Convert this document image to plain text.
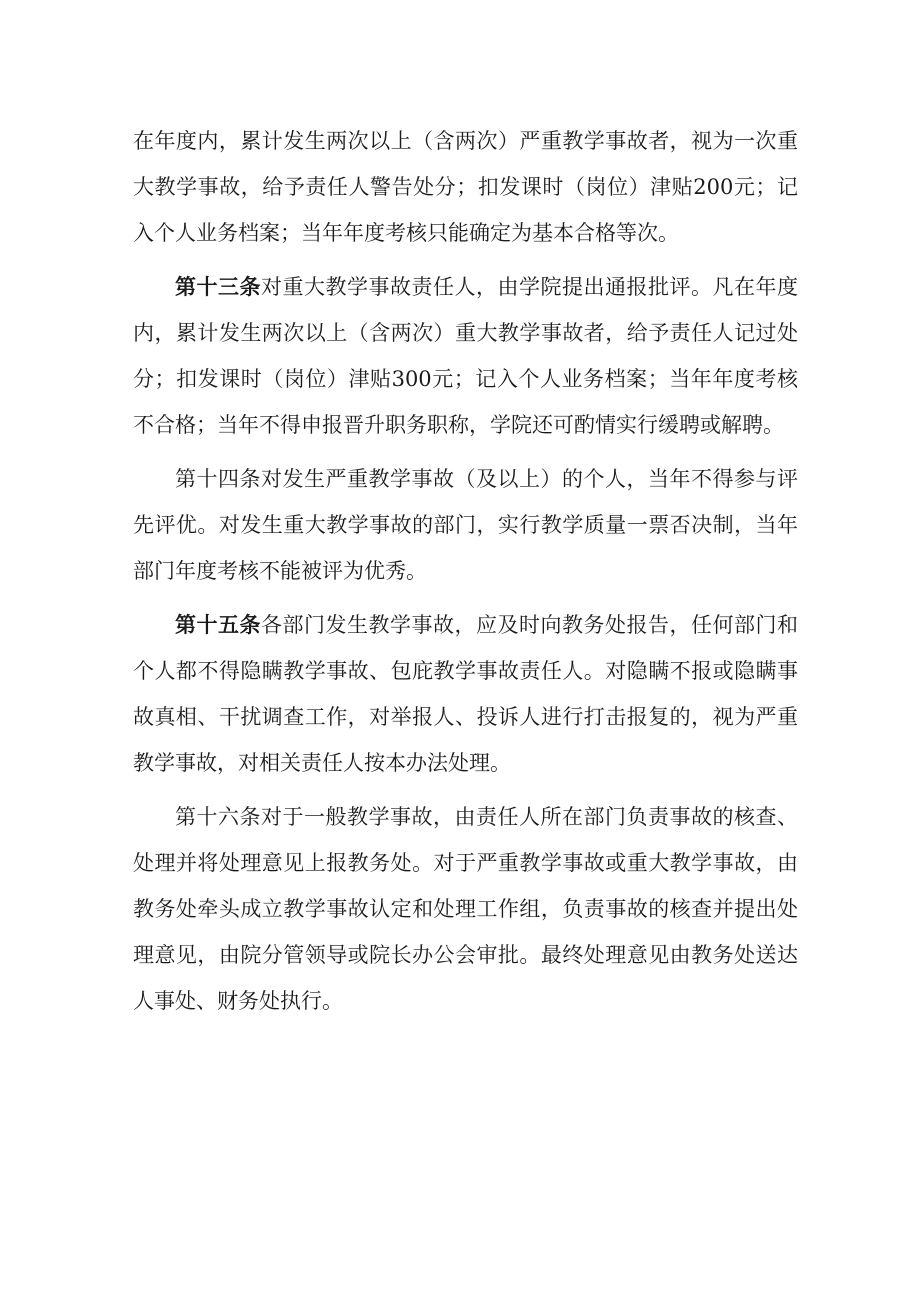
在年度内，累计发生两次以上（含两次）严重教学事故者，视为一次重大教学事故，给予责任人警告处分；扣发课时（岗位）津贴200元；记入个人业务档案；当年年度考核只能确定为基本合格等次。

第十三条对重大教学事故责任人，由学院提出通报批评。凡在年度内，累计发生两次以上（含两次）重大教学事故者，给予责任人记过处分；扣发课时（岗位）津贴300元；记入个人业务档案；当年年度考核不合格；当年不得申报晋升职务职称，学院还可酌情实行缓聘或解聘。

第十四条对发生严重教学事故（及以上）的个人，当年不得参与评先评优。对发生重大教学事故的部门，实行教学质量一票否决制，当年部门年度考核不能被评为优秀。

第十五条各部门发生教学事故，应及时向教务处报告，任何部门和个人都不得隐瞒教学事故、包庇教学事故责任人。对隐瞒不报或隐瞒事故真相、干扰调查工作，对举报人、投诉人进行打击报复的，视为严重教学事故，对相关责任人按本办法处理。

第十六条对于一般教学事故，由责任人所在部门负责事故的核查、处理并将处理意见上报教务处。对于严重教学事故或重大教学事故，由教务处牵头成立教学事故认定和处理工作组，负责事故的核查并提出处理意见，由院分管领导或院长办公会审批。最终处理意见由教务处送达人事处、财务处执行。
